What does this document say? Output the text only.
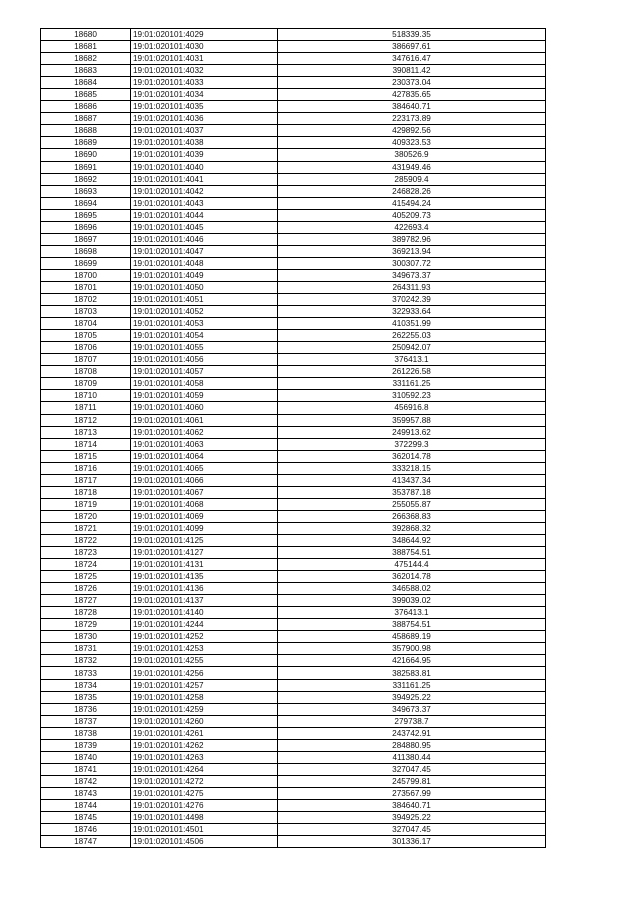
18680	19:01:020101:4029	518339.35
18681	19:01:020101:4030	386697.61
18682	19:01:020101:4031	347616.47
18683	19:01:020101:4032	390811.42
18684	19:01:020101:4033	230373.04
18685	19:01:020101:4034	427835.65
18686	19:01:020101:4035	384640.71
18687	19:01:020101:4036	223173.89
18688	19:01:020101:4037	429892.56
18689	19:01:020101:4038	409323.53
18690	19:01:020101:4039	380526.9
18691	19:01:020101:4040	431949.46
18692	19:01:020101:4041	285909.4
18693	19:01:020101:4042	246828.26
18694	19:01:020101:4043	415494.24
18695	19:01:020101:4044	405209.73
18696	19:01:020101:4045	422693.4
18697	19:01:020101:4046	389782.96
18698	19:01:020101:4047	369213.94
18699	19:01:020101:4048	300307.72
18700	19:01:020101:4049	349673.37
18701	19:01:020101:4050	264311.93
18702	19:01:020101:4051	370242.39
18703	19:01:020101:4052	322933.64
18704	19:01:020101:4053	410351.99
18705	19:01:020101:4054	262255.03
18706	19:01:020101:4055	250942.07
18707	19:01:020101:4056	376413.1
18708	19:01:020101:4057	261226.58
18709	19:01:020101:4058	331161.25
18710	19:01:020101:4059	310592.23
18711	19:01:020101:4060	456916.8
18712	19:01:020101:4061	359957.88
18713	19:01:020101:4062	249913.62
18714	19:01:020101:4063	372299.3
18715	19:01:020101:4064	362014.78
18716	19:01:020101:4065	333218.15
18717	19:01:020101:4066	413437.34
18718	19:01:020101:4067	353787.18
18719	19:01:020101:4068	255055.87
18720	19:01:020101:4069	266368.83
18721	19:01:020101:4099	392868.32
18722	19:01:020101:4125	348644.92
18723	19:01:020101:4127	388754.51
18724	19:01:020101:4131	475144.4
18725	19:01:020101:4135	362014.78
18726	19:01:020101:4136	346588.02
18727	19:01:020101:4137	399039.02
18728	19:01:020101:4140	376413.1
18729	19:01:020101:4244	388754.51
18730	19:01:020101:4252	458689.19
18731	19:01:020101:4253	357900.98
18732	19:01:020101:4255	421664.95
18733	19:01:020101:4256	382583.81
18734	19:01:020101:4257	331161.25
18735	19:01:020101:4258	394925.22
18736	19:01:020101:4259	349673.37
18737	19:01:020101:4260	279738.7
18738	19:01:020101:4261	243742.91
18739	19:01:020101:4262	284880.95
18740	19:01:020101:4263	411380.44
18741	19:01:020101:4264	327047.45
18742	19:01:020101:4272	245799.81
18743	19:01:020101:4275	273567.99
18744	19:01:020101:4276	384640.71
18745	19:01:020101:4498	394925.22
18746	19:01:020101:4501	327047.45
18747	19:01:020101:4506	301336.17
